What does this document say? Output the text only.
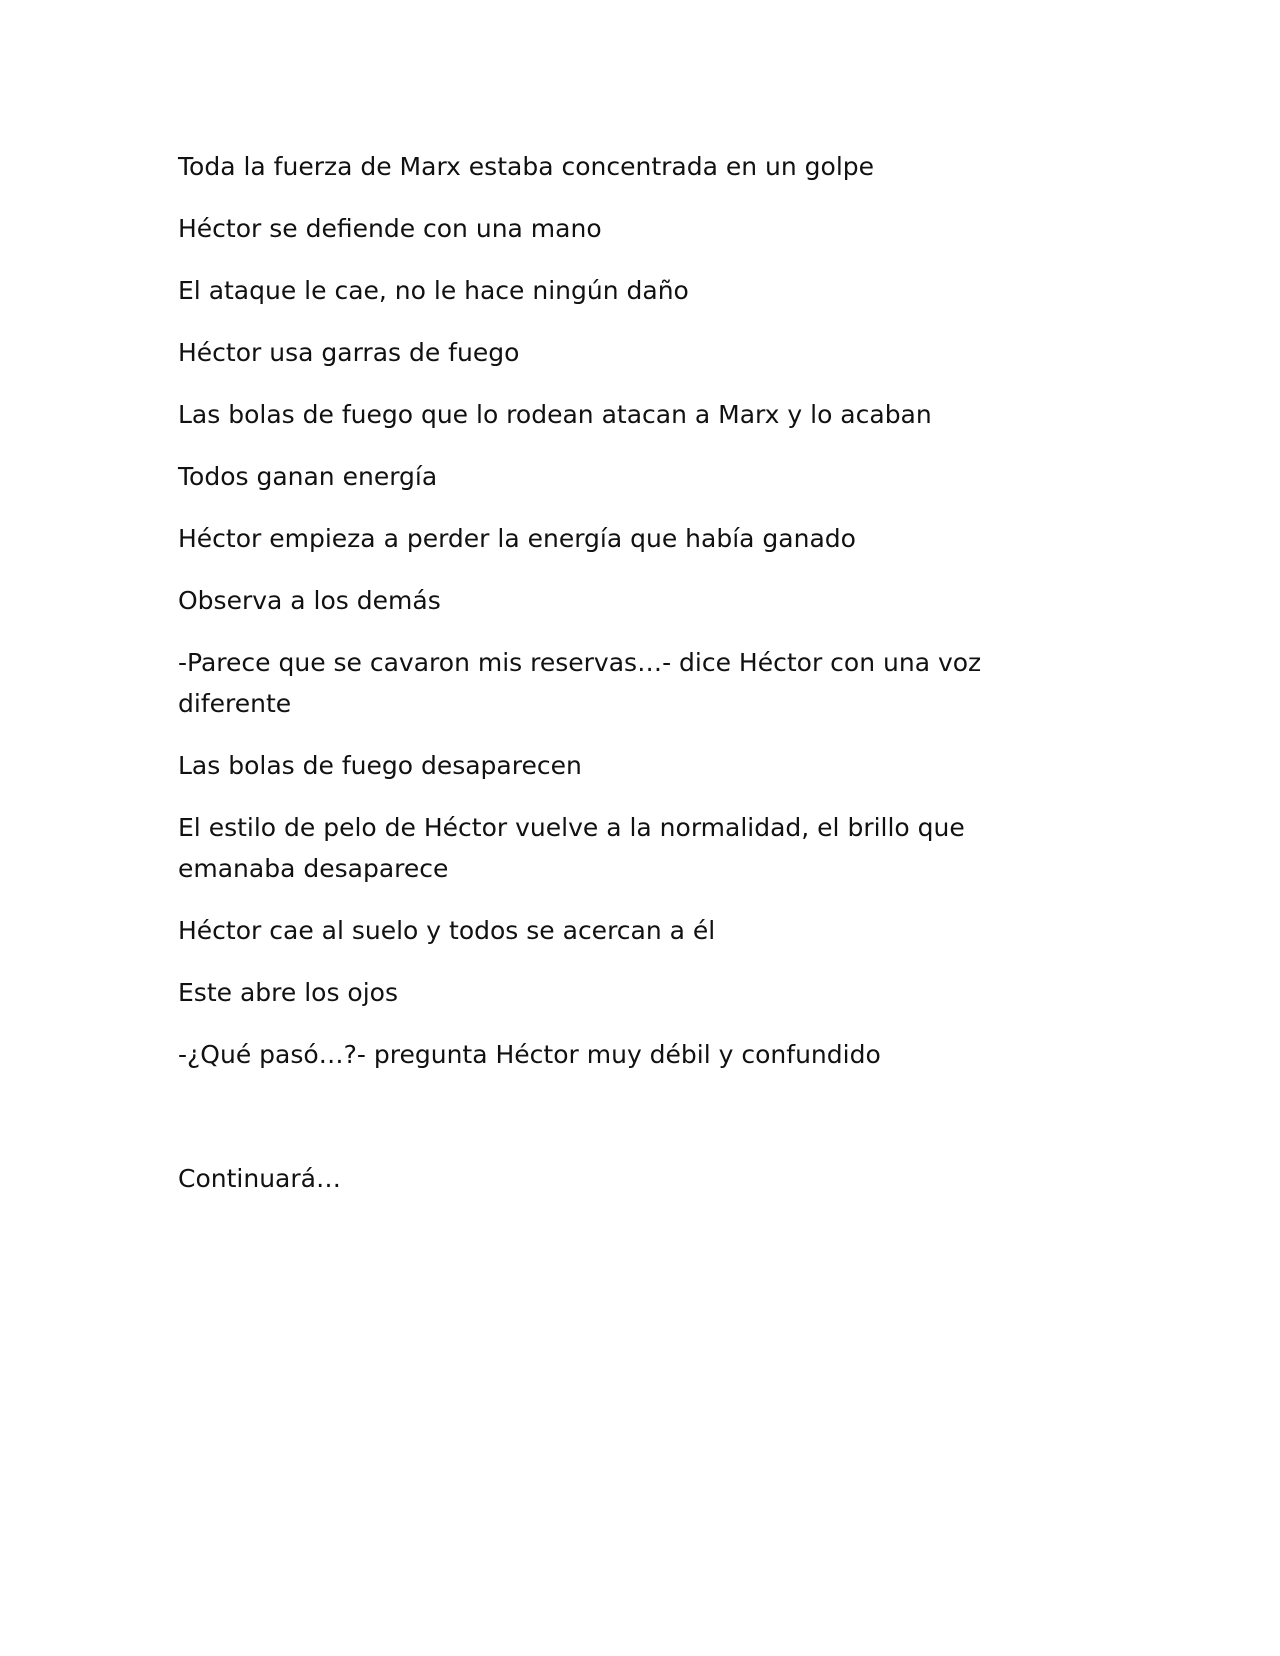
Toda la fuerza de Marx estaba concentrada en un golpe

Héctor se defiende con una mano

El ataque le cae, no le hace ningún daño

Héctor usa garras de fuego

Las bolas de fuego que lo rodean atacan a Marx y lo acaban

Todos ganan energía

Héctor empieza a perder la energía que había ganado

Observa a los demás

-Parece que se cavaron mis reservas…- dice Héctor con una voz diferente

Las bolas de fuego desaparecen

El estilo de pelo de Héctor vuelve a la normalidad, el brillo que emanaba desaparece

Héctor cae al suelo y todos se acercan a él

Este abre los ojos

-¿Qué pasó…?- pregunta Héctor muy débil y confundido

Continuará…
